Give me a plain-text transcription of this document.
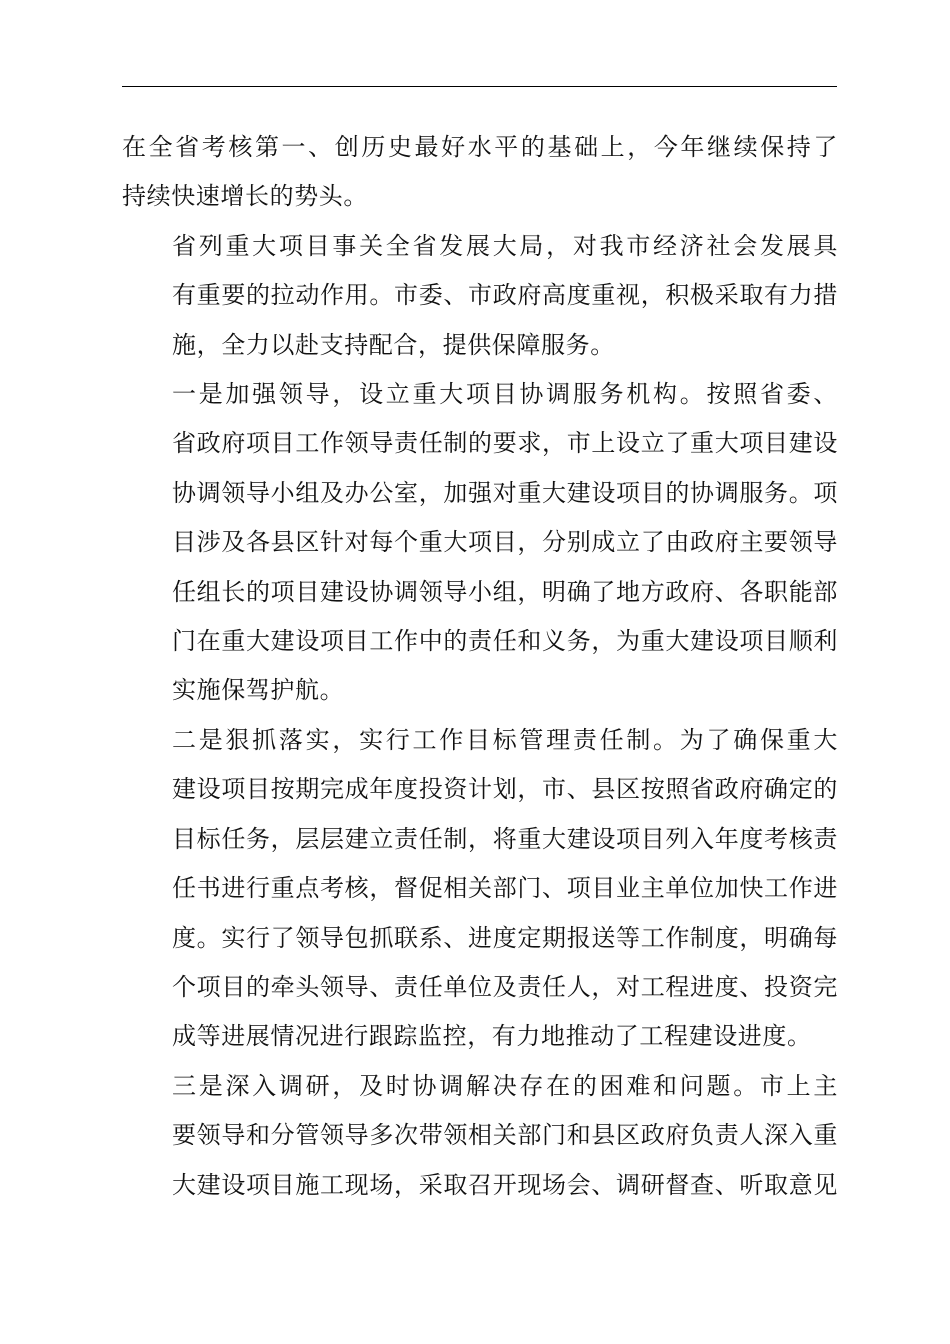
在全省考核第一、创历史最好水平的基础上，今年继续保持了
持续快速增长的势头。

省列重大项目事关全省发展大局，对我市经济社会发展具
有重要的拉动作用。市委、市政府高度重视，积极采取有力措
施，全力以赴支持配合，提供保障服务。

一是加强领导，设立重大项目协调服务机构。按照省委、
省政府项目工作领导责任制的要求，市上设立了重大项目建设
协调领导小组及办公室，加强对重大建设项目的协调服务。项
目涉及各县区针对每个重大项目，分别成立了由政府主要领导
任组长的项目建设协调领导小组，明确了地方政府、各职能部
门在重大建设项目工作中的责任和义务，为重大建设项目顺利
实施保驾护航。

二是狠抓落实，实行工作目标管理责任制。为了确保重大
建设项目按期完成年度投资计划，市、县区按照省政府确定的
目标任务，层层建立责任制，将重大建设项目列入年度考核责
任书进行重点考核，督促相关部门、项目业主单位加快工作进
度。实行了领导包抓联系、进度定期报送等工作制度，明确每
个项目的牵头领导、责任单位及责任人，对工程进度、投资完
成等进展情况进行跟踪监控，有力地推动了工程建设进度。

三是深入调研，及时协调解决存在的困难和问题。市上主
要领导和分管领导多次带领相关部门和县区政府负责人深入重
大建设项目施工现场，采取召开现场会、调研督查、听取意见
